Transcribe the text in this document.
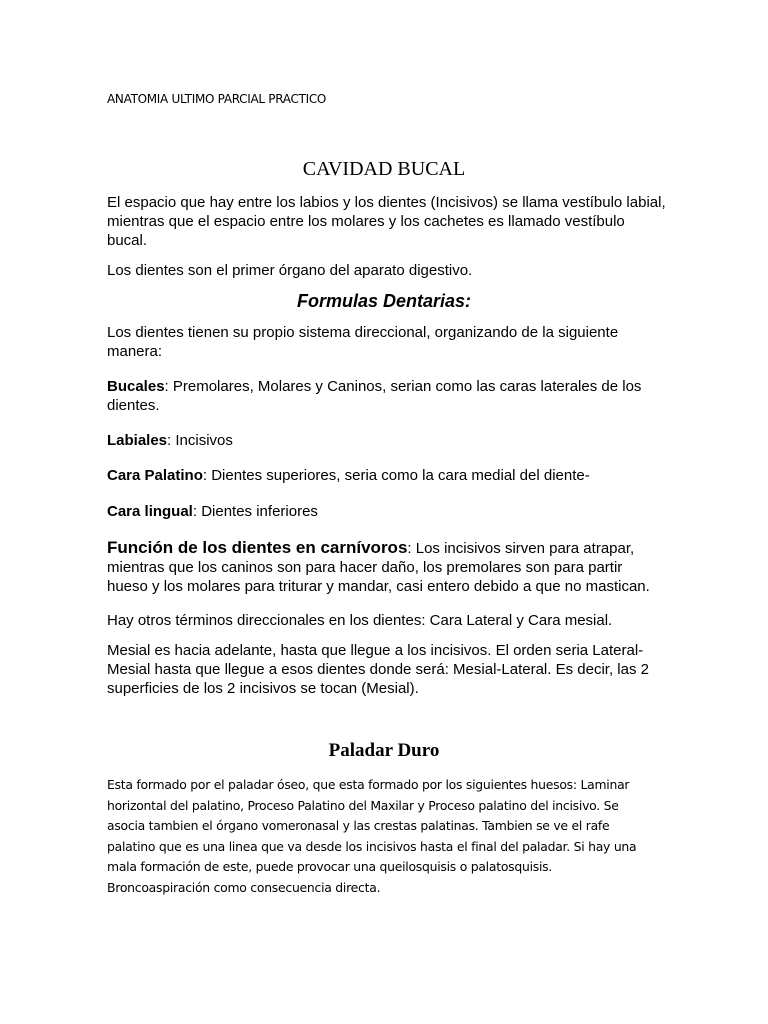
ANATOMIA ULTIMO PARCIAL PRACTICO
CAVIDAD BUCAL

El espacio que hay entre los labios y los dientes (Incisivos) se llama vestíbulo labial, mientras que el espacio entre los molares y los cachetes es llamado vestíbulo bucal.

Los dientes son el primer órgano del aparato digestivo.

Formulas Dentarias:

Los dientes tienen su propio sistema direccional, organizando de la siguiente manera:

Bucales: Premolares, Molares y Caninos, serian como las caras laterales de los dientes.

Labiales: Incisivos

Cara Palatino: Dientes superiores, seria como la cara medial del diente-

Cara lingual: Dientes inferiores

Función de los dientes en carnívoros: Los incisivos sirven para atrapar, mientras que los caninos son para hacer daño, los premolares son para partir hueso y los molares para triturar y mandar, casi entero debido a que no mastican.

Hay otros términos direccionales en los dientes: Cara Lateral y Cara mesial.

Mesial es hacia adelante, hasta que llegue a los incisivos. El orden seria Lateral-Mesial hasta que llegue a esos dientes donde será: Mesial-Lateral. Es decir, las 2 superficies de los 2 incisivos se tocan (Mesial).

Paladar Duro

Esta formado por el paladar óseo, que esta formado por los siguientes huesos: Laminar horizontal del palatino, Proceso Palatino del Maxilar y Proceso palatino del incisivo. Se asocia tambien el órgano vomeronasal y las crestas palatinas. Tambien se ve el rafe palatino que es una linea que va desde los incisivos hasta el final del paladar. Si hay una mala formación de este, puede provocar una queilosquisis o palatosquisis. Broncoaspiración como consecuencia directa.
